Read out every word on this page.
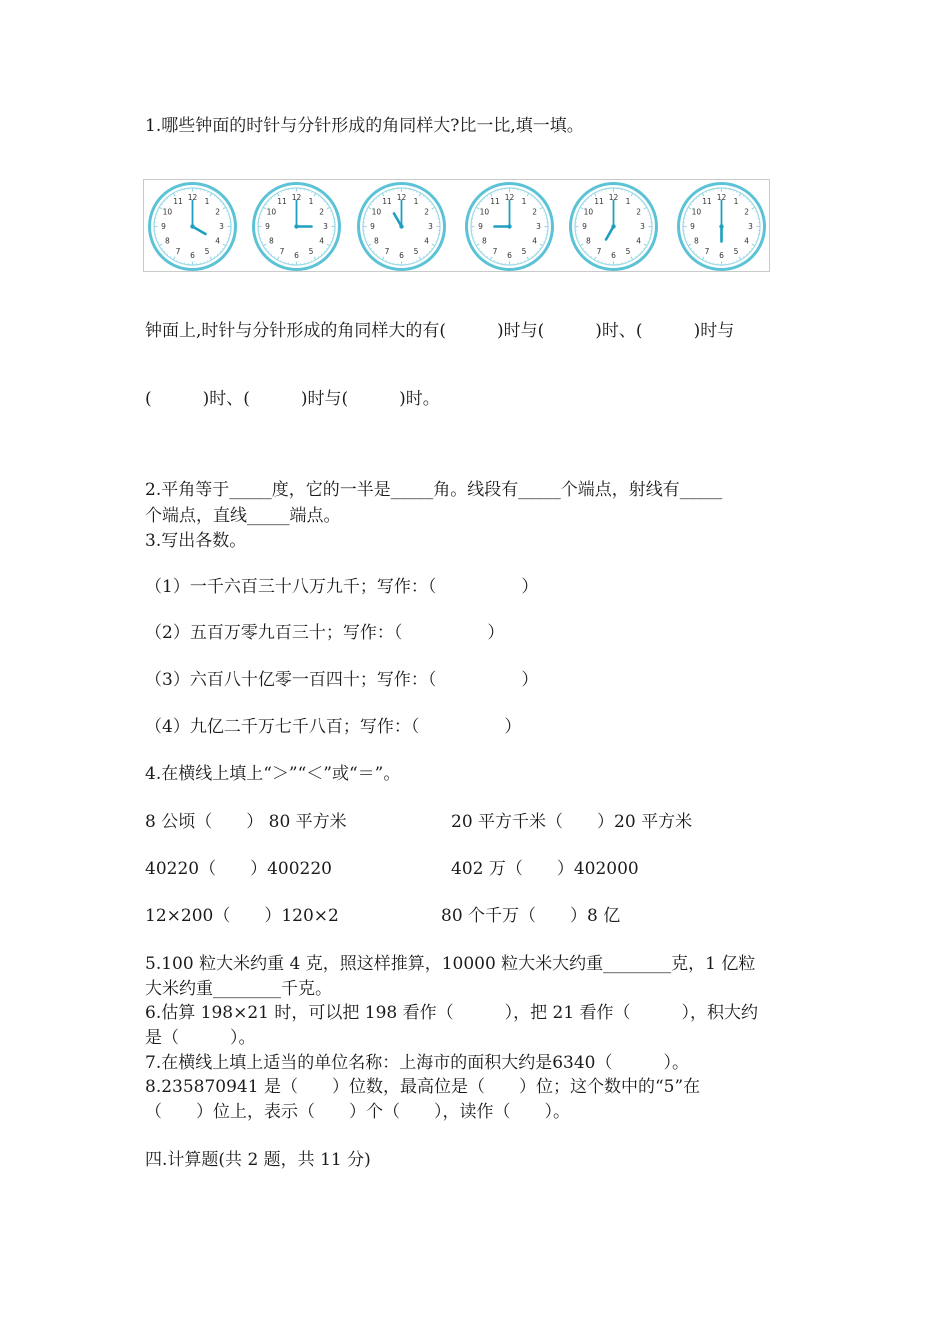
1.哪些钟面的时针与分针形成的角同样大?比一比,填一填。
1
2
3
4
5
6
7
8
9
10
11 12	1
2
3
4
5
6
7
8
9
10
11 12	1
2
3
4
5
6
7
8
9
10
11 12	1
2
3
4
5
6
7
8
9
10
11 12	1
2
3
4
5
6
7
8
9
10
11 12	1
2
3
4
5
6
7
8
9
10
11 12
钟面上,时针与分针形成的角同样大的有(　　　)时与(　　　)时、(　　　)时与
(　　　)时、(　　　)时与(　　　)时。
2.平角等于_____度，它的一半是_____角。线段有_____个端点，射线有_____
个端点，直线_____端点。
3.写出各数。
（1）一千六百三十八万九千；写作：（　　　　　）
（2）五百万零九百三十；写作：（　　　　　）
（3）六百八十亿零一百四十；写作：（　　　　　）
（4）九亿二千万七千八百；写作：（　　　　　）
4.在横线上填上“＞”“＜”或“＝”。
8 公顷（　　） 80 平方米	20 平方千米（　　）20 平方米
40220（　　）400220	402 万（　　）402000
12×200（　　）120×2	80 个千万（　　）8 亿
5.100 粒大米约重 4 克，照这样推算，10000 粒大米大约重________克，1 亿粒
大米约重________千克。
6.估算 198×21 时，可以把 198 看作（　　　），把 21 看作（　　　），积大约
是（　　　）。
7.在横线上填上适当的单位名称：上海市的面积大约是6340（　　　）。
8.235870941 是（　　）位数，最高位是（　　）位；这个数中的“5”在
（　　）位上，表示（　　）个（　　），读作（　　）。
四.计算题(共 2 题，共 11 分)
